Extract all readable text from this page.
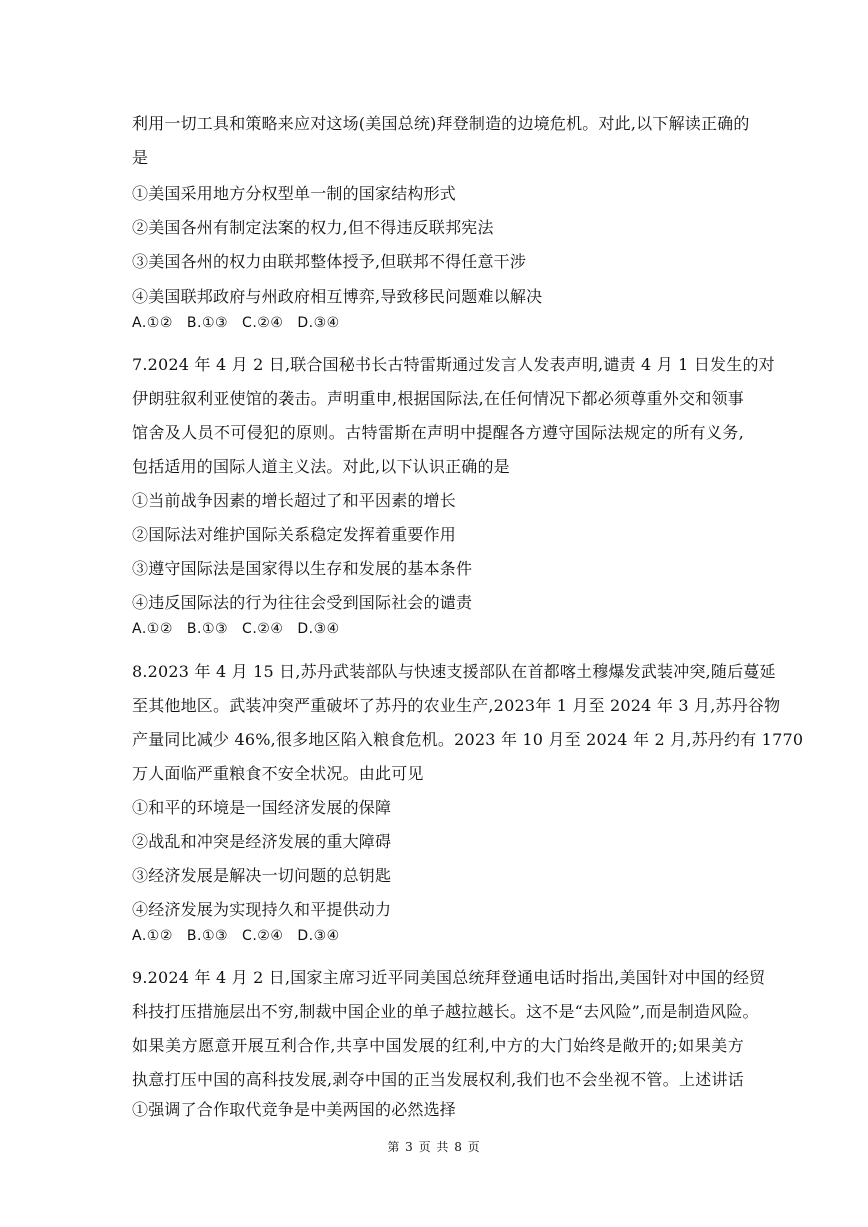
利用一切工具和策略来应对这场(美国总统)拜登制造的边境危机。对此,以下解读正确的
是
①美国采用地方分权型单一制的国家结构形式
②美国各州有制定法案的权力,但不得违反联邦宪法
③美国各州的权力由联邦整体授予,但联邦不得任意干涉
④美国联邦政府与州政府相互博弈,导致移民问题难以解决
A.①② B.①③ C.②④ D.③④
7.2024 年 4 月 2 日,联合国秘书长古特雷斯通过发言人发表声明,谴责 4 月 1 日发生的对
伊朗驻叙利亚使馆的袭击。声明重申,根据国际法,在任何情况下都必须尊重外交和领事
馆舍及人员不可侵犯的原则。古特雷斯在声明中提醒各方遵守国际法规定的所有义务,
包括适用的国际人道主义法。对此,以下认识正确的是
①当前战争因素的增长超过了和平因素的增长
②国际法对维护国际关系稳定发挥着重要作用
③遵守国际法是国家得以生存和发展的基本条件
④违反国际法的行为往往会受到国际社会的谴责
A.①② B.①③ C.②④ D.③④
8.2023 年 4 月 15 日,苏丹武装部队与快速支援部队在首都喀土穆爆发武装冲突,随后蔓延
至其他地区。武装冲突严重破坏了苏丹的农业生产,2023年 1 月至 2024 年 3 月,苏丹谷物
产量同比减少 46%,很多地区陷入粮食危机。2023 年 10 月至 2024 年 2 月,苏丹约有 1770
万人面临严重粮食不安全状况。由此可见
①和平的环境是一国经济发展的保障
②战乱和冲突是经济发展的重大障碍
③经济发展是解决一切问题的总钥匙
④经济发展为实现持久和平提供动力
A.①② B.①③ C.②④ D.③④
9.2024 年 4 月 2 日,国家主席习近平同美国总统拜登通电话时指出,美国针对中国的经贸
科技打压措施层出不穷,制裁中国企业的单子越拉越长。这不是“去风险”,而是制造风险。
如果美方愿意开展互利合作,共享中国发展的红利,中方的大门始终是敞开的;如果美方
执意打压中国的高科技发展,剥夺中国的正当发展权利,我们也不会坐视不管。上述讲话
①强调了合作取代竞争是中美两国的必然选择
第 3 页 共 8 页
